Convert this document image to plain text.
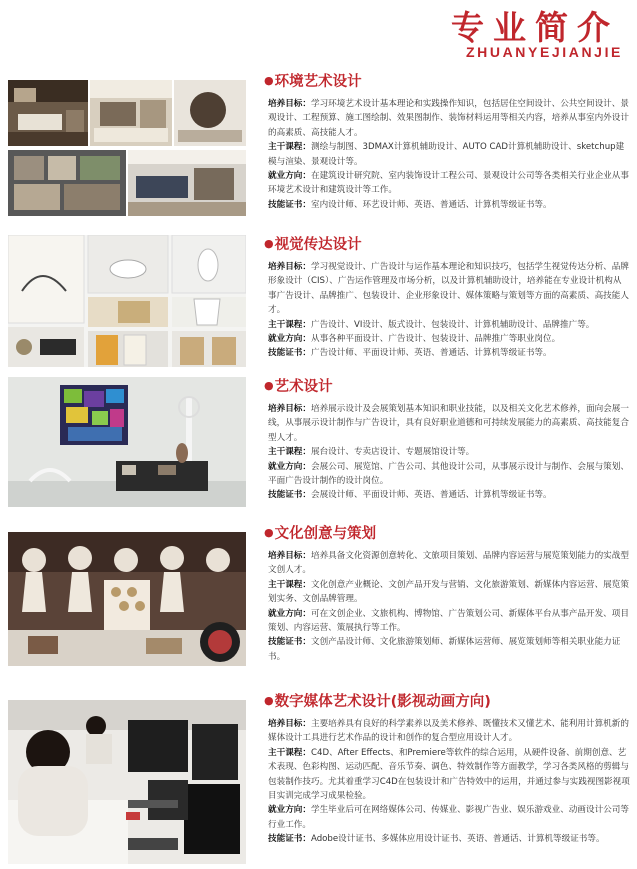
专业简介
ZHUANYEJIANJIE
●环境艺术设计

培养目标：学习环境艺术设计基本理论和实践操作知识，包括居住空间设计、公共空间设计、景观设计、工程预算、施工图绘制、效果图制作、装饰材料运用等相关内容，培养从事室内外设计的高素质、高技能人才。
主干课程：测绘与制图、3DMAX计算机辅助设计、AUTO CAD计算机辅助设计、sketchup建模与渲染、景观设计等。
就业方向：在建筑设计研究院、室内装饰设计工程公司、景观设计公司等各类相关行业企业从事环境艺术设计和建筑设计等工作。
技能证书：室内设计师、环艺设计师、英语、普通话、计算机等级证书等。

●视觉传达设计

培养目标：学习视觉设计、广告设计与运作基本理论和知识技巧，包括学生视觉传达分析、品牌形象设计（CIS）、广告运作管理及市场分析，以及计算机辅助设计，培养能在专业设计机构从事广告设计、品牌推广、包装设计、企业形象设计、媒体策略与策划等方面的高素质、高技能人才。
主干课程：广告设计、VI设计、版式设计、包装设计、计算机辅助设计、品牌推广等。
就业方向：从事各种平面设计、广告设计、包装设计、品牌推广等职业岗位。
技能证书：广告设计师、平面设计师、英语、普通话、计算机等级证书等。

●艺术设计

培养目标：培养展示设计及会展策划基本知识和职业技能，以及相关文化艺术修养，面向会展一线，从事展示设计制作与广告设计，具有良好职业道德和可持续发展能力的高素质、高技能复合型人才。
主干课程：展台设计、专卖店设计、专题展馆设计等。
就业方向：会展公司、展览馆、广告公司、其他设计公司，从事展示设计与制作、会展与策划、平面广告设计制作的设计岗位。
技能证书：会展设计师、平面设计师、英语、普通话、计算机等级证书等。

●文化创意与策划

培养目标：培养具备文化资源创意转化、文旅项目策划、品牌内容运营与展览策划能力的实战型文创人才。
主干课程：文化创意产业概论、文创产品开发与营销、文化旅游策划、新媒体内容运营、展览策划实务、文创品牌管理。
就业方向：可在文创企业、文旅机构、博物馆、广告策划公司、新媒体平台从事产品开发、项目策划、内容运营、策展执行等工作。
技能证书：文创产品设计师、文化旅游策划师、新媒体运营师、展览策划师等相关职业能力证书。

●数字媒体艺术设计(影视动画方向)

培养目标：主要培养具有良好的科学素养以及美术修养、既懂技术又懂艺术、能利用计算机新的媒体设计工具进行艺术作品的设计和创作的复合型应用设计人才。
主干课程：C4D、After Effects、和Premiere等软件的综合运用，从硬件设备、前期创意、艺术表现、色彩构图、运动匹配、音乐节奏、调色、特效制作等方面教学，学习各类风格的剪辑与包装制作技巧。尤其着重学习C4D在包装设计和广告特效中的运用，并通过参与实践视图影视项目实训完成学习成果检验。
就业方向：学生毕业后可在网络媒体公司、传媒业、影视广告业、娱乐游戏业、动画设计公司等行业工作。
技能证书：Adobe设计证书、多媒体应用设计证书、英语、普通话、计算机等级证书等。
